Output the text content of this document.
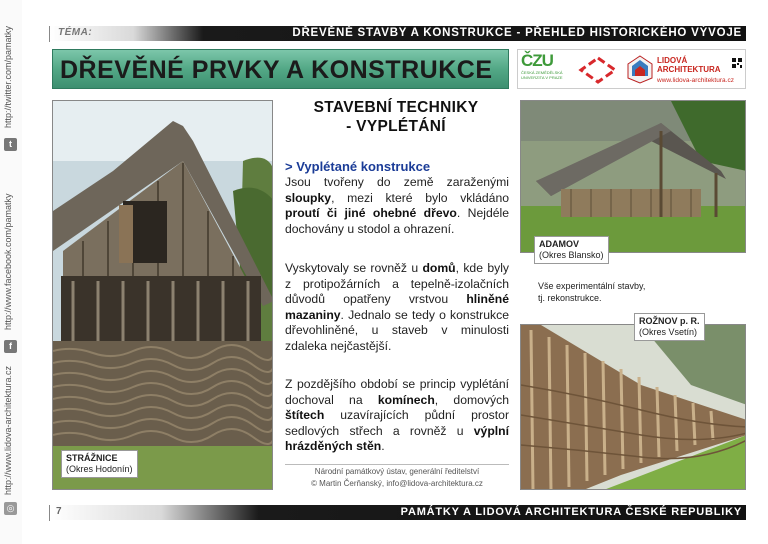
t
http://twitter.com/pamatky
f
http://www.facebook.com/pamatky
◎
http://www.lidova-architektura.cz
TÉMA:	DŘEVĚNÉ STAVBY A KONSTRUKCE - PŘEHLED HISTORICKÉHO VÝVOJE
DŘEVĚNÉ PRVKY A KONSTRUKCE ČZU
ČESKÁ ZEMĚDĚLSKÁ UNIVERZITA V PRAZE
LIDOVÁ
ARCHITEKTURA
www.lidova-architektura.cz
STRÁŽNICE
(Okres Hodonín)
STAVEBNÍ TECHNIKY
- VYPLÉTÁNÍ
> Vyplétané konstrukce
Jsou tvořeny do země zaraženými sloupky, mezi které bylo vkládáno proutí či jiné ohebné dřevo. Nejdéle dochovány u stodol a ohrazení.
Vyskytovaly se rovněž u domů, kde byly z protipožárních a tepelně-izolačních důvodů opatřeny vrstvou hliněné mazaniny. Jednalo se tedy o konstrukce dřevohliněné, u staveb v minulosti zdaleka nejčastější.
Z pozdějšího období se princip vyplétání dochoval na komínech, domových štítech uzavírajících půdní prostor sedlových střech a rovněž u výplní hrázděných stěn.
Národní památkový ústav, generální ředitelství
© Martin Čerňanský, info@lidova-architektura.cz
ADAMOV
(Okres Blansko)
Vše experimentální stavby,
tj. rekonstrukce.
ROŽNOV p. R.
(Okres Vsetín)
7	PAMÁTKY A LIDOVÁ ARCHITEKTURA ČESKÉ REPUBLIKY
